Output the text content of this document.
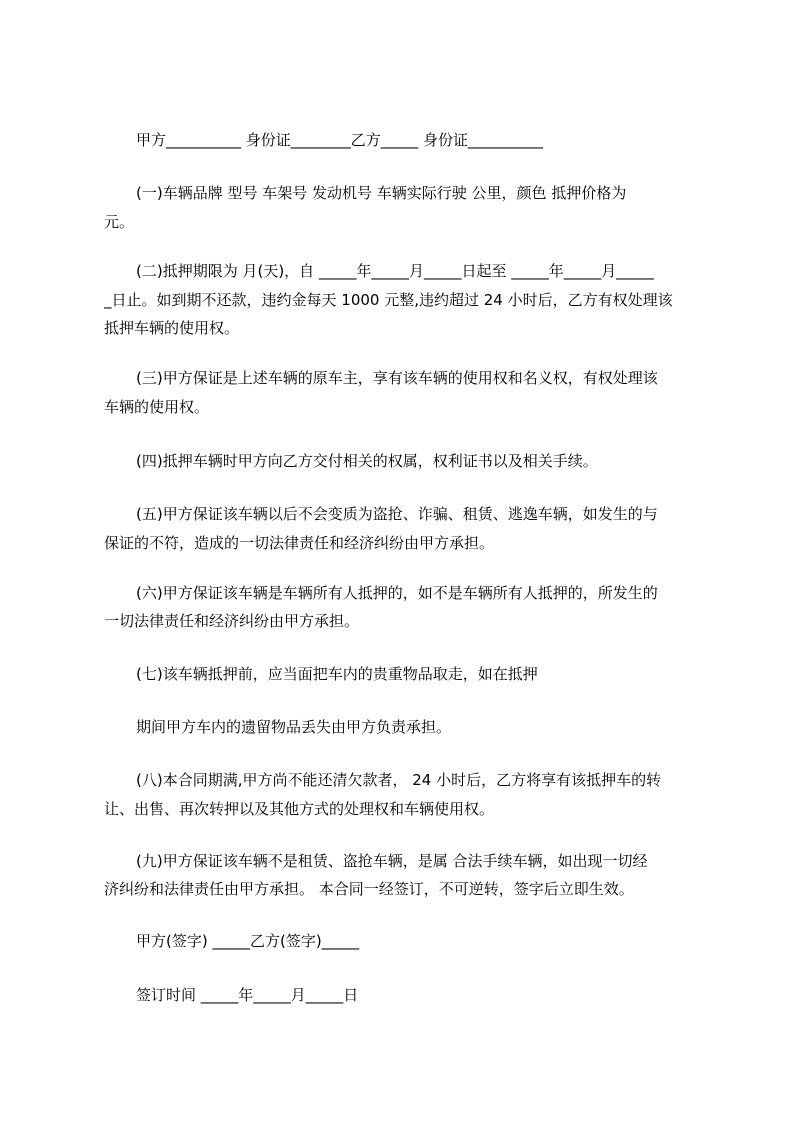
甲方__________ 身份证________乙方_____ 身份证__________
(一)车辆品牌 型号 车架号 发动机号 车辆实际行驶 公里，颜色 抵押价格为
元。
(二)抵押期限为 月(天)，自 _____年_____月_____日起至 _____年_____月_____
_日止。如到期不还款，违约金每天 1000 元整,违约超过 24 小时后，乙方有权处理该
抵押车辆的使用权。
(三)甲方保证是上述车辆的原车主，享有该车辆的使用权和名义权，有权处理该
车辆的使用权。
(四)抵押车辆时甲方向乙方交付相关的权属，权利证书以及相关手续。
(五)甲方保证该车辆以后不会变质为盗抢、诈骗、租赁、逃逸车辆，如发生的与
保证的不符，造成的一切法律责任和经济纠纷由甲方承担。
(六)甲方保证该车辆是车辆所有人抵押的，如不是车辆所有人抵押的，所发生的
一切法律责任和经济纠纷由甲方承担。
(七)该车辆抵押前，应当面把车内的贵重物品取走，如在抵押
期间甲方车内的遗留物品丢失由甲方负责承担。
(八)本合同期满,甲方尚不能还清欠款者， 24 小时后，乙方将享有该抵押车的转
让、出售、再次转押以及其他方式的处理权和车辆使用权。
(九)甲方保证该车辆不是租赁、盗抢车辆，是属 合法手续车辆，如出现一切经
济纠纷和法律责任由甲方承担。 本合同一经签订，不可逆转，签字后立即生效。
甲方(签字) _____乙方(签字)_____
签订时间 _____年_____月_____日
